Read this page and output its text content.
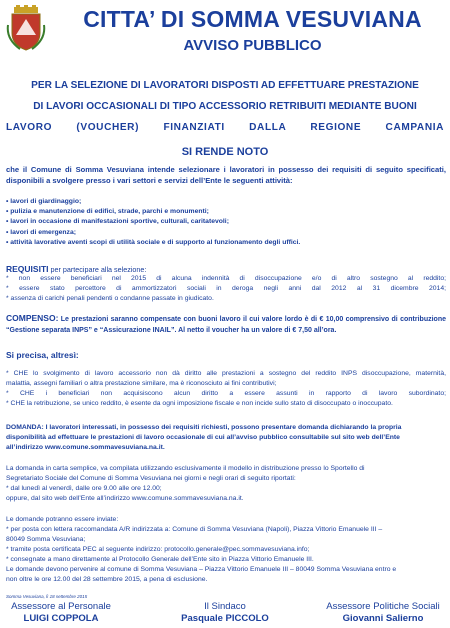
CITTA’ DI SOMMA VESUVIANA
AVVISO PUBBLICO
PER LA SELEZIONE DI LAVORATORI DISPOSTI AD EFFETTUARE PRESTAZIONE
DI LAVORI OCCASIONALI DI TIPO ACCESSORIO RETRIBUITI MEDIANTE BUONI
LAVORO (VOUCHER) FINANZIATI DALLA REGIONE CAMPANIA
SI RENDE NOTO
che il Comune di Somma Vesuviana intende selezionare i lavoratori in possesso dei requisiti di seguito specificati, disponibili a svolgere presso i vari settori e servizi dell’Ente le seguenti attività:
• lavori di giardinaggio;
• pulizia e manutenzione di edifici, strade, parchi e monumenti;
• lavori in occasione di manifestazioni sportive, culturali, caritatevoli;
• lavori di emergenza;
• attività lavorative aventi scopi di utilità sociale e di supporto al funzionamento degli uffici.
REQUISITI per partecipare alla selezione:
* non essere beneficiari nel 2015 di alcuna indennità di disoccupazione e/o di altro sostegno al reddito;
* essere stato percettore di ammortizzatori sociali in deroga negli anni dal 2012 al 31 dicembre 2014;
* assenza di carichi penali pendenti o condanne passate in giudicato.
COMPENSO: Le prestazioni saranno compensate con buoni lavoro il cui valore lordo è di € 10,00 comprensivo di contribuzione “Gestione separata INPS” e “Assicurazione INAIL”. Al netto il voucher ha un valore di € 7,50 all’ora.
Si precisa, altresì:
* CHE lo svolgimento di lavoro accessorio non dà diritto alle prestazioni a sostegno del reddito INPS disoccupazione, maternità,
malattia, assegni familiari o altra prestazione similare, ma è riconosciuto ai fini contributivi;
* CHE i beneficiari non acquisiscono alcun diritto a essere assunti in rapporto di lavoro subordinato;
* CHE la retribuzione, se unico reddito, è esente da ogni imposizione fiscale e non incide sullo stato di disoccupato o inoccupato.
DOMANDA: I lavoratori interessati, in possesso dei requisiti richiesti, possono presentare domanda dichiarando la propria
disponibilità ad effettuare le prestazioni di lavoro occasionale di cui all’avviso pubblico consultabile sul sito web dell’Ente
all’indirizzo www.comune.sommavesuviana.na.it.
La domanda in carta semplice, va compilata utilizzando esclusivamente il modello in distribuzione presso lo Sportello di
Segretariato Sociale del Comune di Somma Vesuviana nei giorni e negli orari di seguito riportati:
* dal lunedì al venerdì, dalle ore 9.00 alle ore 12.00;
oppure, dal sito web dell’Ente all’indirizzo www.comune.sommavesuviana.na.it.
Le domande potranno essere inviate:
* per posta con lettera raccomandata A/R indirizzata a: Comune di Somma Vesuviana (Napoli), Piazza Vittorio Emanuele III –
80049 Somma Vesuviana;
* tramite posta certificata PEC al seguente indirizzo: protocollo.generale@pec.sommavesuviana.info;
* consegnate a mano direttamente al Protocollo Generale dell’Ente sito in Piazza Vittorio Emanuele III.
Le domande devono pervenire al comune di Somma Vesuviana – Piazza Vittorio Emanuele III – 80049 Somma Vesuviana entro e
non oltre le ore 12.00 del 28 settembre 2015, a pena di esclusione.
Somma Vesuviana, lì 18 settembre 2015
Assessore al Personale
LUIGI COPPOLA
Il Sindaco
Pasquale PICCOLO
Assessore Politiche Sociali
Giovanni Salierno
